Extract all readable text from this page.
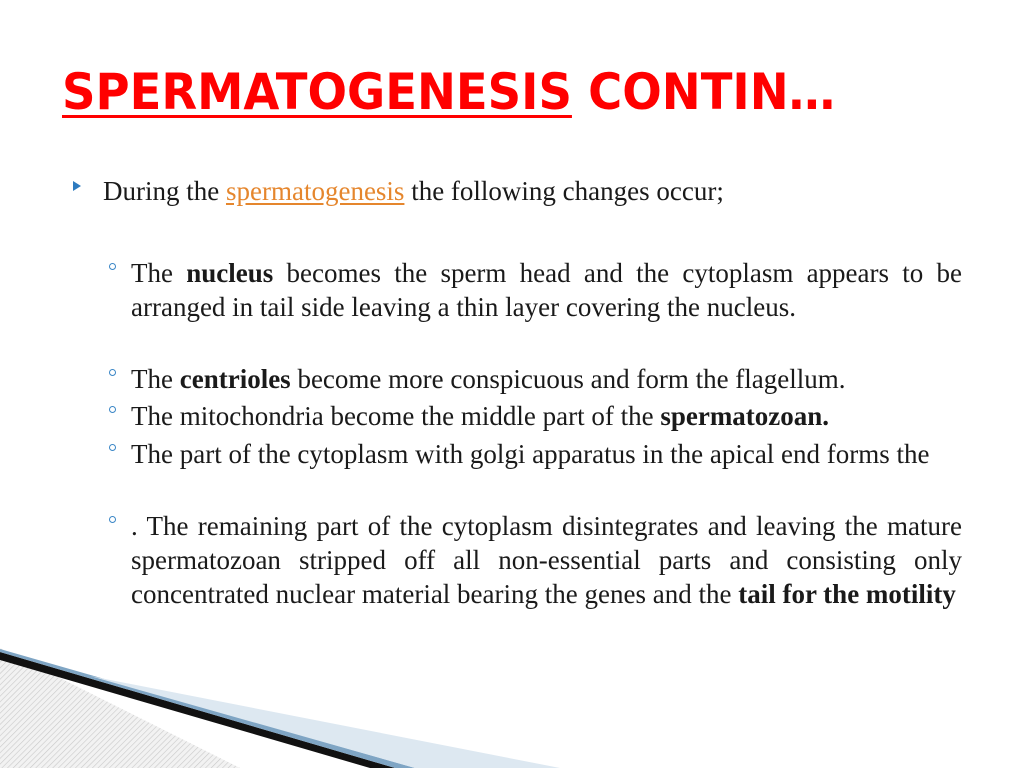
SPERMATOGENESIS CONTIN…

During the spermatogenesis the following changes occur;

The nucleus becomes the sperm head and the cytoplasm appears to be arranged in tail side leaving a thin layer covering the nucleus.

The centrioles become more conspicuous and form the flagellum.

The mitochondria become the middle part of the spermatozoan.

The part of the cytoplasm with golgi apparatus in the apical end forms the

. The remaining part of the cytoplasm disintegrates and leaving the mature spermatozoan stripped off all non-essential parts and consisting only concentrated nuclear material bearing the genes and the tail for the motility
